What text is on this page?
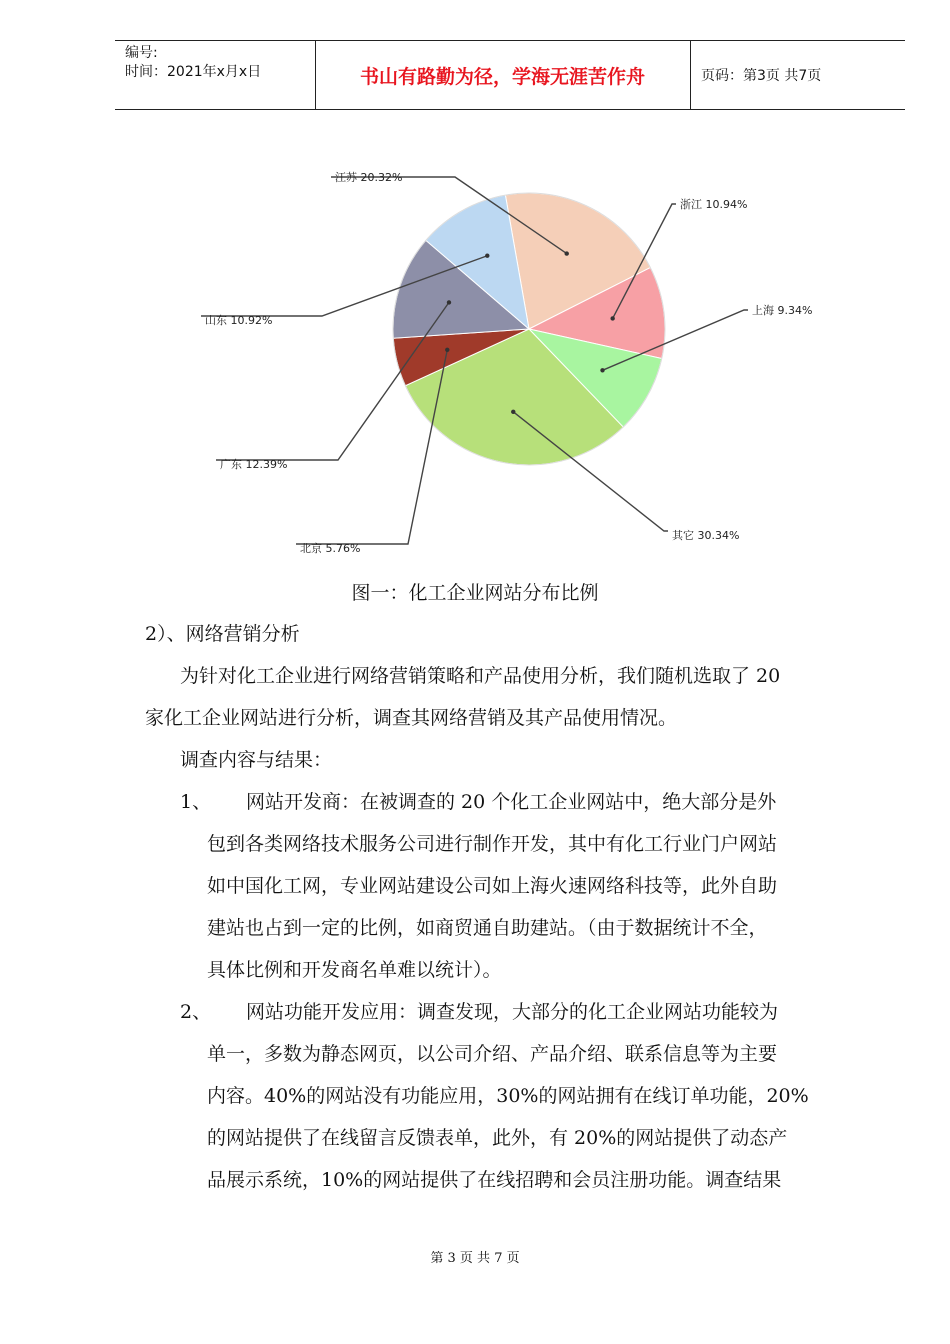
编号:
时间：2021年x月x日	书山有路勤为径，学海无涯苦作舟	页码：第3页 共7页
江苏 20.32%
浙江 10.94%
上海 9.34%
其它 30.34%
北京 5.76%
广东 12.39%
山东 10.92%
图一：化工企业网站分布比例
2）、网络营销分析
为针对化工企业进行网络营销策略和产品使用分析，我们随机选取了 20
家化工企业网站进行分析，调查其网络营销及其产品使用情况。
调查内容与结果：
1、 网站开发商：在被调查的 20 个化工企业网站中，绝大部分是外
包到各类网络技术服务公司进行制作开发，其中有化工行业门户网站
如中国化工网，专业网站建设公司如上海火速网络科技等，此外自助
建站也占到一定的比例，如商贸通自助建站。（由于数据统计不全，
具体比例和开发商名单难以统计）。
2、 网站功能开发应用：调查发现，大部分的化工企业网站功能较为
单一，多数为静态网页，以公司介绍、产品介绍、联系信息等为主要
内容。40%的网站没有功能应用，30%的网站拥有在线订单功能，20%
的网站提供了在线留言反馈表单，此外，有 20%的网站提供了动态产
品展示系统，10%的网站提供了在线招聘和会员注册功能。调查结果
第 3 页 共 7 页
